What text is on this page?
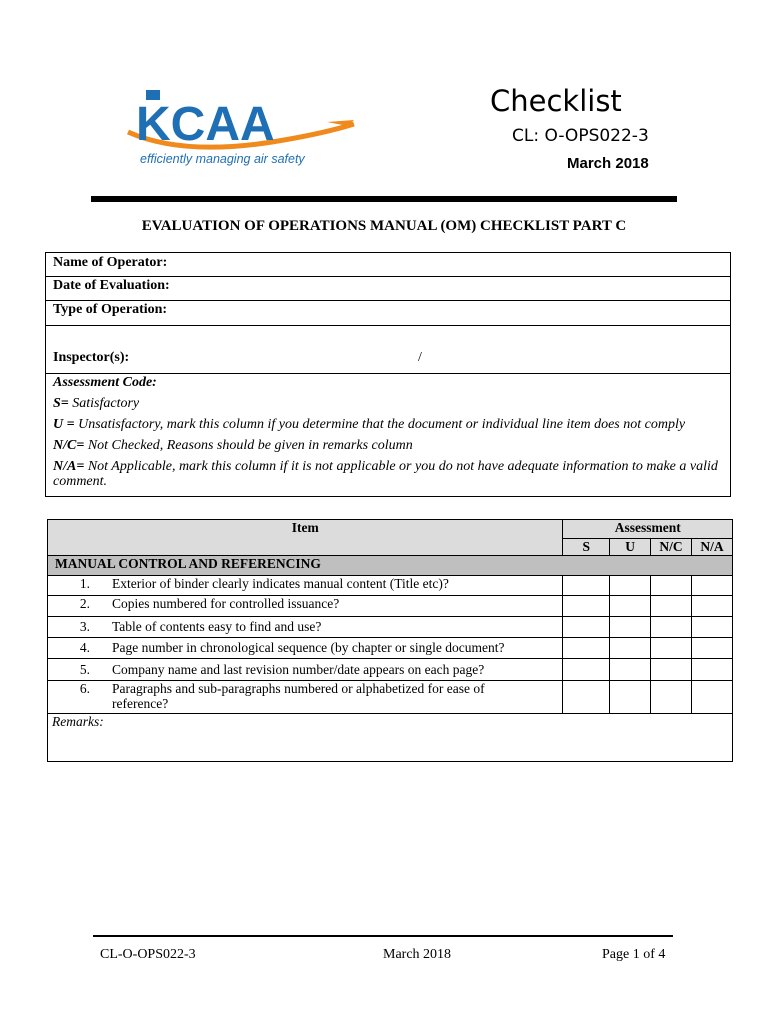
KCAA
efficiently managing air safety
Checklist
CL: O-OPS022-3
March 2018
EVALUATION OF OPERATIONS MANUAL (OM) CHECKLIST PART C
Name of Operator:
Date of Evaluation:
Type of Operation:
Inspector(s):	/

Assessment Code:

S= Satisfactory

U = Unsatisfactory, mark this column if you determine that the document or individual line item does not comply

N/C= Not Checked, Reasons should be given in remarks column

N/A= Not Applicable, mark this column if it is not applicable or you do not have adequate information to make a valid comment.

Item	Assessment			
	S	U	N/C	N/A
MANUAL CONTROL AND REFERENCING				
1. Exterior of binder clearly indicates manual content (Title etc)?				
2. Copies numbered for controlled issuance?				
3. Table of contents easy to find and use?				
4. Page number in chronological sequence (by chapter or single document?				
5. Company name and last revision number/date appears on each page?				
6. Paragraphs and sub-paragraphs numbered or alphabetized for ease of reference?				
Remarks:				
CL-O-OPS022-3	March 2018	Page 1 of 4
